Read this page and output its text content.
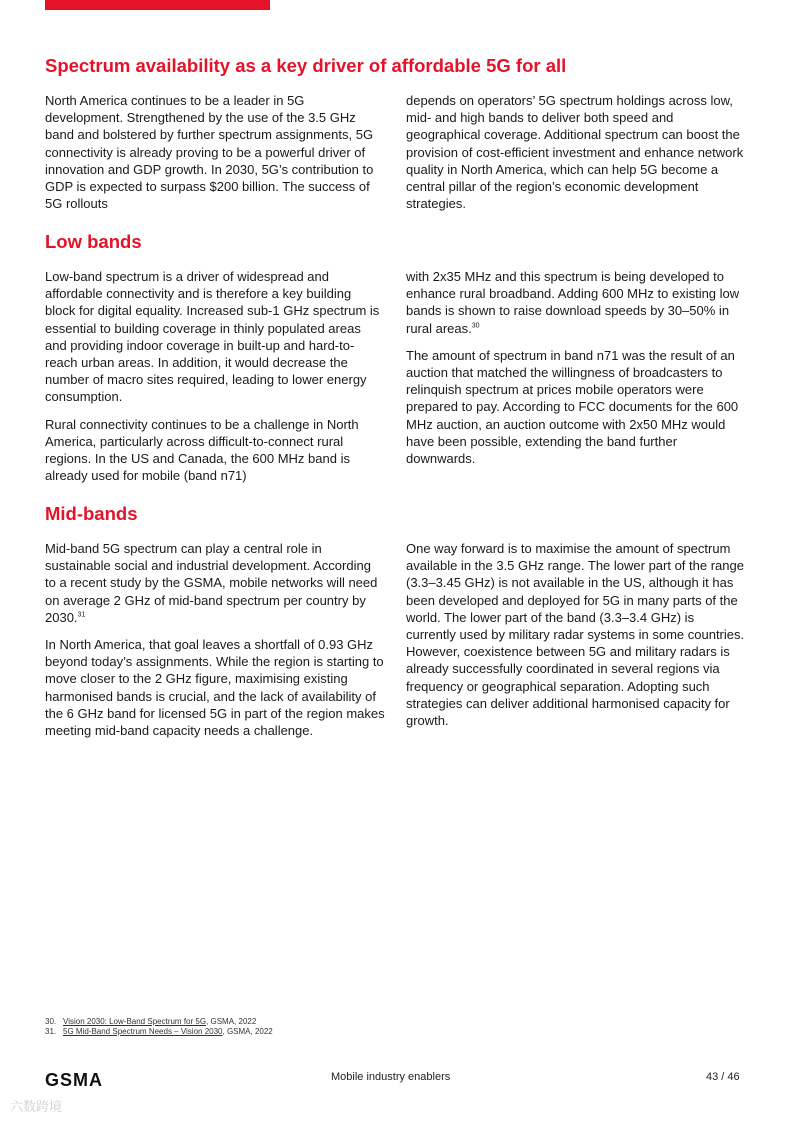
Spectrum availability as a key driver of affordable 5G for all

North America continues to be a leader in 5G development. Strengthened by the use of the 3.5 GHz band and bolstered by further spectrum assignments, 5G connectivity is already proving to be a powerful driver of innovation and GDP growth. In 2030, 5G’s contribution to GDP is expected to surpass $200 billion. The success of 5G rollouts

depends on operators’ 5G spectrum holdings across low, mid- and high bands to deliver both speed and geographical coverage. Additional spectrum can boost the provision of cost-efficient investment and enhance network quality in North America, which can help 5G become a central pillar of the region’s economic development strategies.

Low bands

Low-band spectrum is a driver of widespread and affordable connectivity and is therefore a key building block for digital equality. Increased sub-1 GHz spectrum is essential to building coverage in thinly populated areas and providing indoor coverage in built-up and hard-to-reach urban areas. In addition, it would decrease the number of macro sites required, leading to lower energy consumption.

Rural connectivity continues to be a challenge in North America, particularly across difficult-to-connect rural regions. In the US and Canada, the 600 MHz band is already used for mobile (band n71)

with 2x35 MHz and this spectrum is being developed to enhance rural broadband. Adding 600 MHz to existing low bands is shown to raise download speeds by 30–50% in rural areas.$^{30}$

The amount of spectrum in band n71 was the result of an auction that matched the willingness of broadcasters to relinquish spectrum at prices mobile operators were prepared to pay. According to FCC documents for the 600 MHz auction, an auction outcome with 2x50 MHz would have been possible, extending the band further downwards.

Mid-bands

Mid-band 5G spectrum can play a central role in sustainable social and industrial development. According to a recent study by the GSMA, mobile networks will need on average 2 GHz of mid-band spectrum per country by 2030.31

In North America, that goal leaves a shortfall of 0.93 GHz beyond today’s assignments. While the region is starting to move closer to the 2 GHz figure, maximising existing harmonised bands is crucial, and the lack of availability of the 6 GHz band for licensed 5G in part of the region makes meeting mid-band capacity needs a challenge.

One way forward is to maximise the amount of spectrum available in the 3.5 GHz range. The lower part of the range (3.3–3.45 GHz) is not available in the US, although it has been developed and deployed for 5G in many parts of the world. The lower part of the band (3.3–3.4 GHz) is currently used by military radar systems in some countries. However, coexistence between 5G and military radars is already successfully coordinated in several regions via frequency or geographical separation. Adopting such strategies can deliver additional harmonised capacity for growth.

30. Vision 2030: Low-Band Spectrum for 5G, GSMA, 2022
31. 5G Mid-Band Spectrum Needs – Vision 2030, GSMA, 2022
GSMA	Mobile industry enablers	43 / 46
六数跨境
